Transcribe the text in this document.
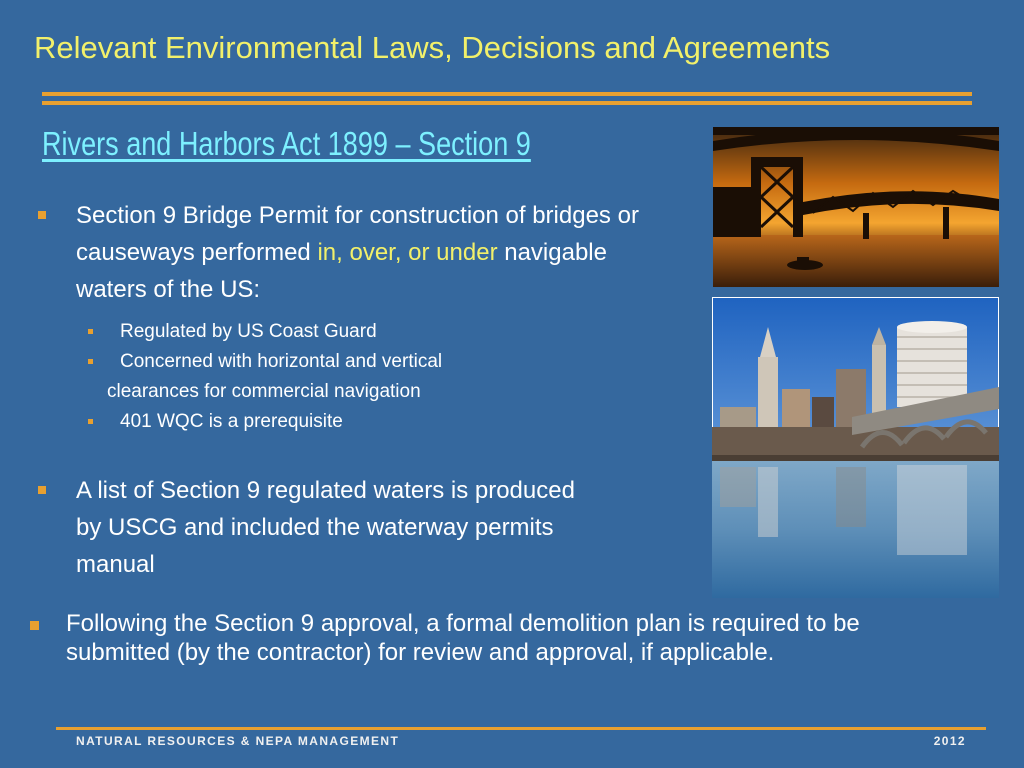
Relevant Environmental Laws, Decisions and Agreements
Rivers and Harbors Act 1899 – Section 9
Section 9 Bridge Permit for construction of bridges or causeways performed in, over, or under navigable waters of the US:
Regulated by US Coast Guard
Concerned with horizontal and vertical
clearances for commercial navigation
401 WQC is a prerequisite
A list of Section 9 regulated waters is produced by USCG and included the waterway permits manual
Following the Section 9 approval, a formal demolition plan is required to be submitted (by the contractor) for review and approval, if applicable.
NATURAL RESOURCES & NEPA MANAGEMENT	2012
